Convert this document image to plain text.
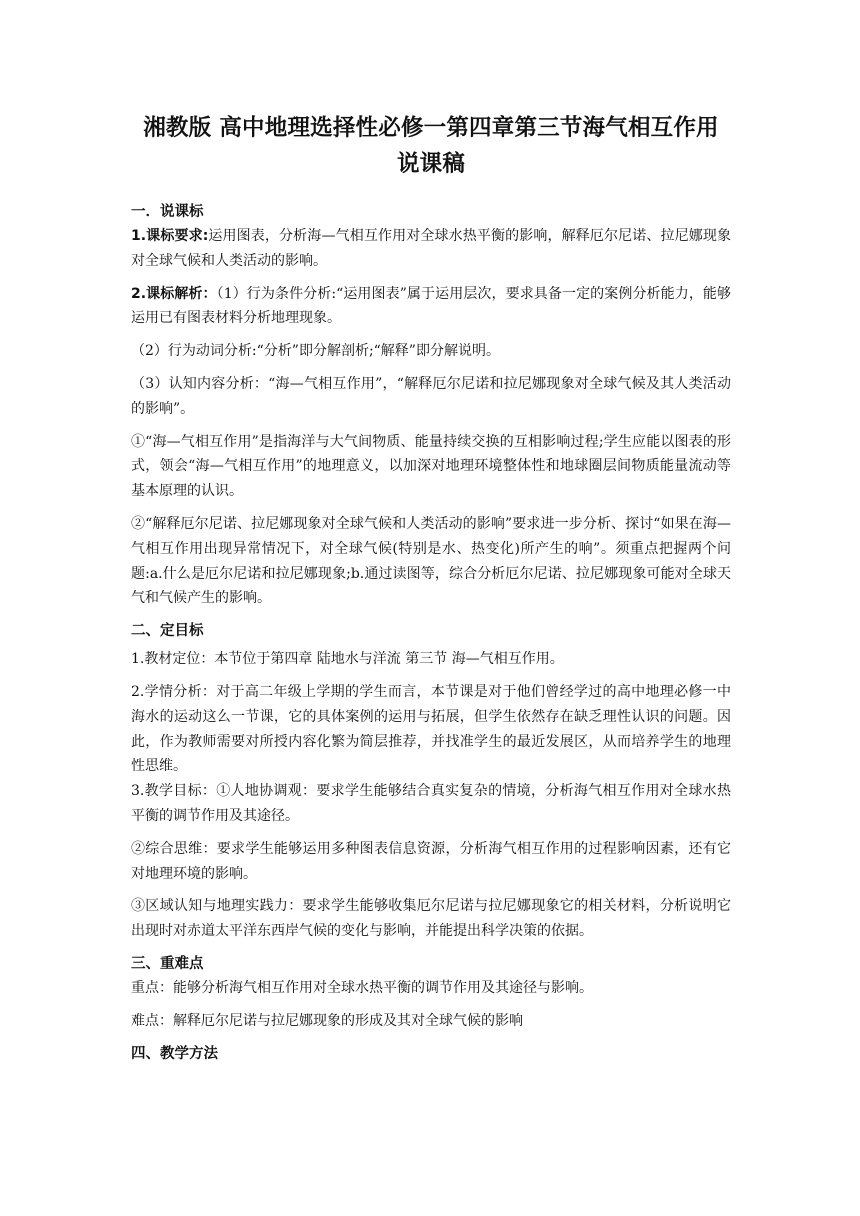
湘教版 高中地理选择性必修一第四章第三节海气相互作用
说课稿
一．说课标

1.课标要求:运用图表，分析海—气相互作用对全球水热平衡的影响，解释厄尔尼诺、拉尼娜现象对全球气候和人类活动的影响。

2.课标解析：（1）行为条件分析:“运用图表”属于运用层次，要求具备一定的案例分析能力，能够运用已有图表材料分析地理现象。

（2）行为动词分析:“分析”即分解剖析;“解释”即分解说明。

（3）认知内容分析：“海—气相互作用”，“解释厄尔尼诺和拉尼娜现象对全球气候及其人类活动的影响”。

①“海—气相互作用”是指海洋与大气间物质、能量持续交换的互相影响过程;学生应能以图表的形式，领会“海—气相互作用”的地理意义，以加深对地理环境整体性和地球圈层间物质能量流动等基本原理的认识。

②“解释厄尔尼诺、拉尼娜现象对全球气候和人类活动的影响”要求进一步分析、探讨“如果在海—气相互作用出现异常情况下，对全球气候(特别是水、热变化)所产生的响”。须重点把握两个问题:a.什么是厄尔尼诺和拉尼娜现象;b.通过读图等，综合分析厄尔尼诺、拉尼娜现象可能对全球天气和气候产生的影响。

二、定目标

1.教材定位：本节位于第四章 陆地水与洋流 第三节 海—气相互作用。

2.学情分析：对于高二年级上学期的学生而言，本节课是对于他们曾经学过的高中地理必修一中海水的运动这么一节课，它的具体案例的运用与拓展，但学生依然存在缺乏理性认识的问题。因此，作为教师需要对所授内容化繁为简层推荐，并找准学生的最近发展区，从而培养学生的地理性思维。

3.教学目标：①人地协调观：要求学生能够结合真实复杂的情境，分析海气相互作用对全球水热平衡的调节作用及其途径。

②综合思维：要求学生能够运用多种图表信息资源，分析海气相互作用的过程影响因素，还有它对地理环境的影响。

③区域认知与地理实践力：要求学生能够收集厄尔尼诺与拉尼娜现象它的相关材料，分析说明它出现时对赤道太平洋东西岸气候的变化与影响，并能提出科学决策的依据。

三、重难点

重点：能够分析海气相互作用对全球水热平衡的调节作用及其途径与影响。

难点：解释厄尔尼诺与拉尼娜现象的形成及其对全球气候的影响

四、教学方法
